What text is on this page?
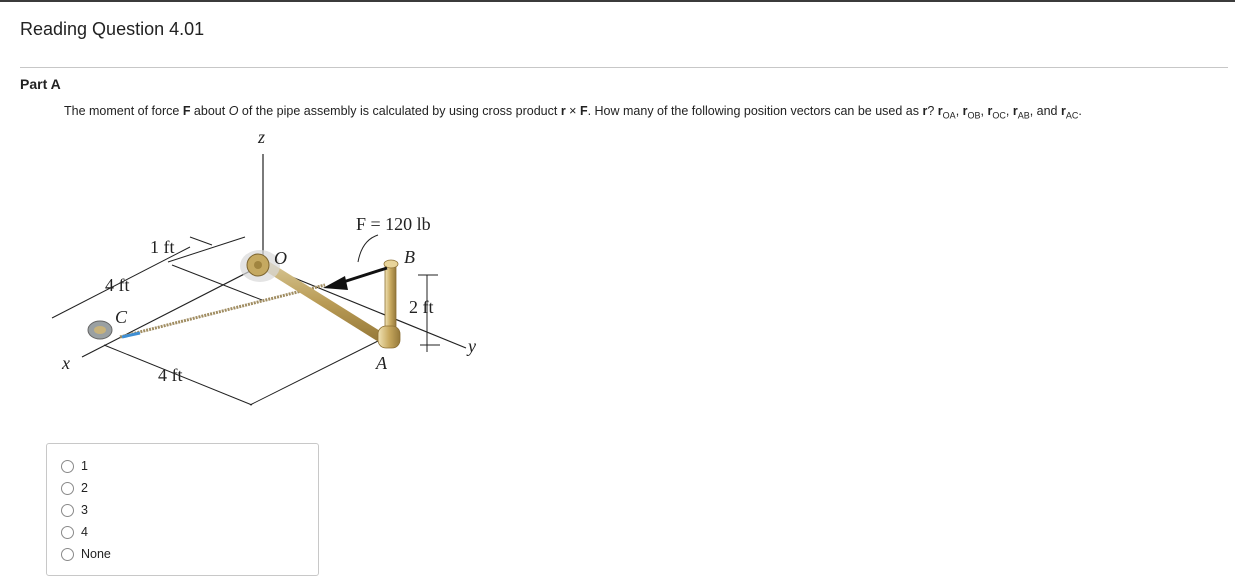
Reading Question 4.01
Part A
The moment of force F about O of the pipe assembly is calculated by using cross product r × F. How many of the following position vectors can be used as r? $r_{OA}$, $r_{OB}$, $r_{OC}$, $r_{AB}$, and $r_{AC}$.
z
x
y
F = 120 lb
O	B
A
C
1 ft
4 ft
4 ft
2 ft
1
2
3
4
None
